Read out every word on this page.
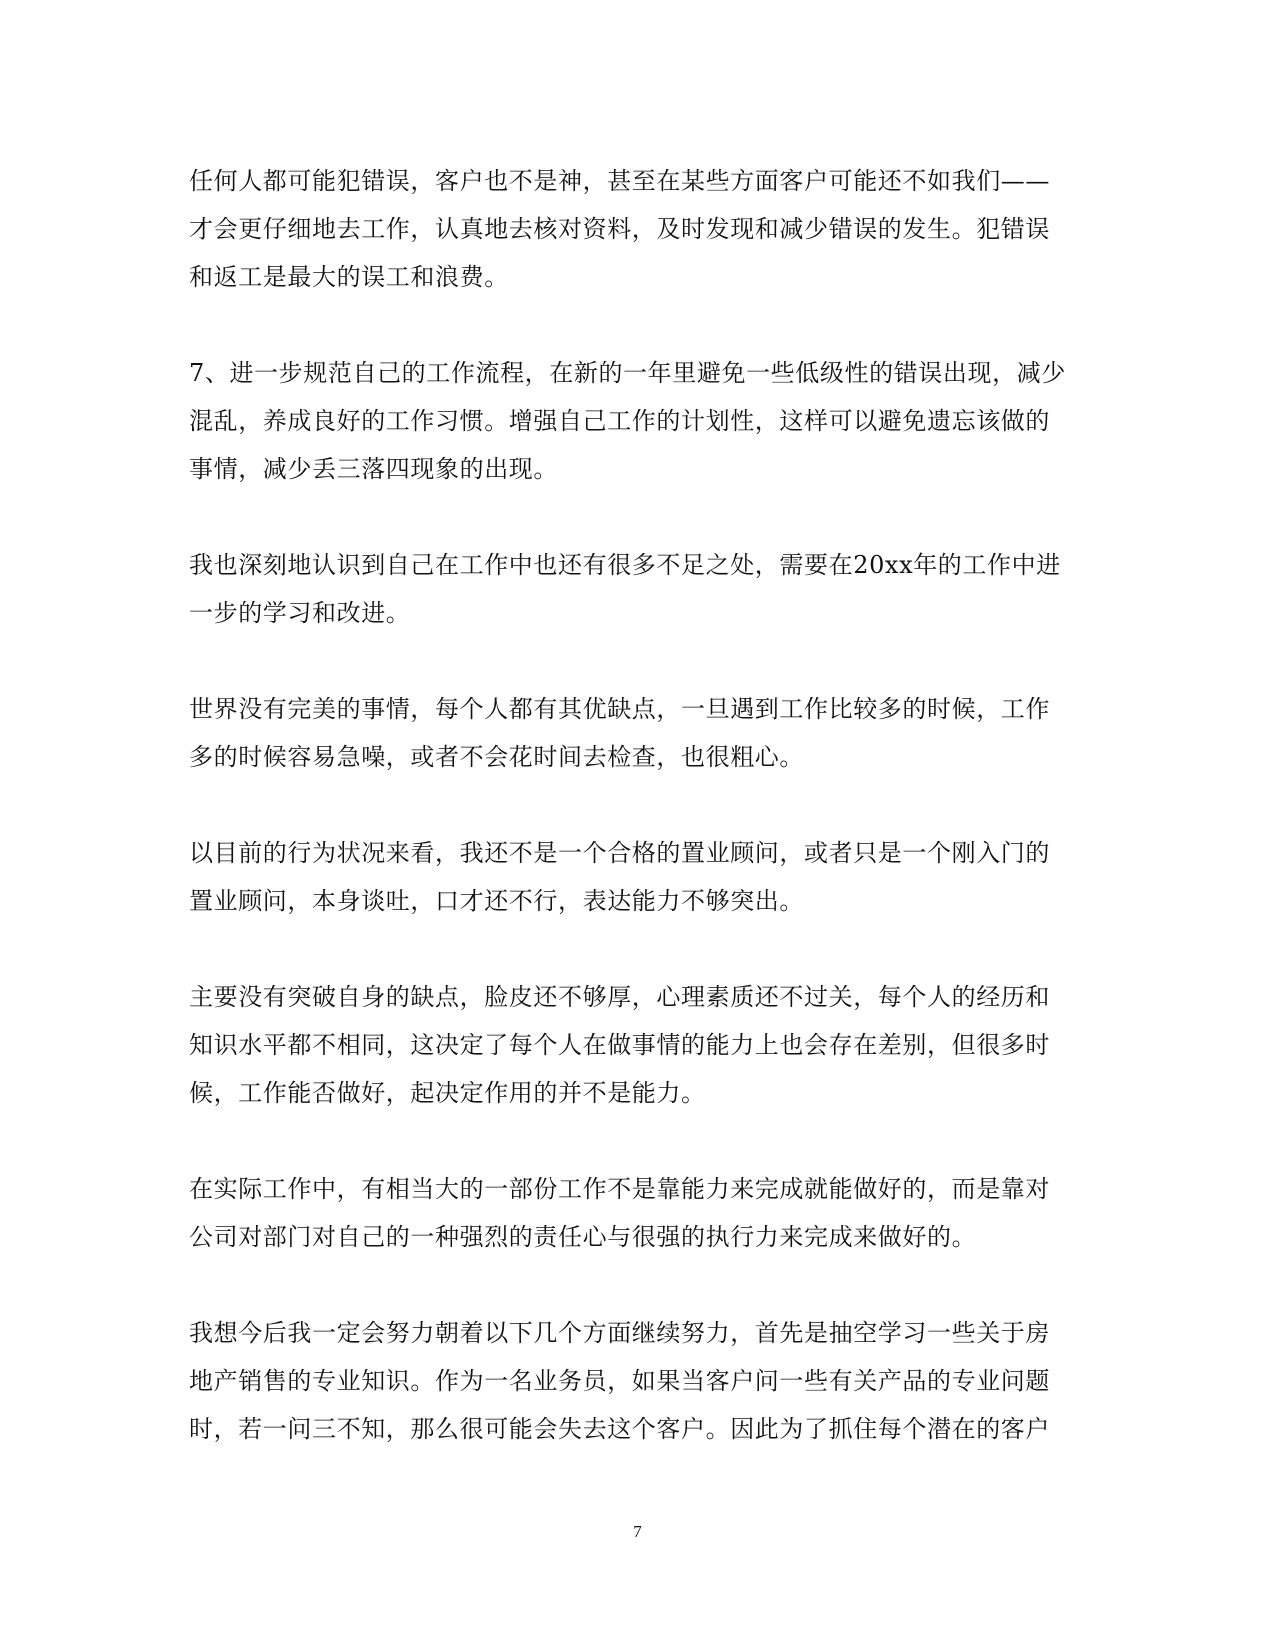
任何人都可能犯错误，客户也不是神，甚至在某些方面客户可能还不如我们——
才会更仔细地去工作，认真地去核对资料，及时发现和减少错误的发生。犯错误
和返工是最大的误工和浪费。

7、进一步规范自己的工作流程，在新的一年里避免一些低级性的错误出现，减少
混乱，养成良好的工作习惯。增强自己工作的计划性，这样可以避免遗忘该做的
事情，减少丢三落四现象的出现。

我也深刻地认识到自己在工作中也还有很多不足之处，需要在20xx年的工作中进
一步的学习和改进。

世界没有完美的事情，每个人都有其优缺点，一旦遇到工作比较多的时候，工作
多的时候容易急噪，或者不会花时间去检查，也很粗心。

以目前的行为状况来看，我还不是一个合格的置业顾问，或者只是一个刚入门的
置业顾问，本身谈吐，口才还不行，表达能力不够突出。

主要没有突破自身的缺点，脸皮还不够厚，心理素质还不过关，每个人的经历和
知识水平都不相同，这决定了每个人在做事情的能力上也会存在差别，但很多时
候，工作能否做好，起决定作用的并不是能力。

在实际工作中，有相当大的一部份工作不是靠能力来完成就能做好的，而是靠对
公司对部门对自己的一种强烈的责任心与很强的执行力来完成来做好的。

我想今后我一定会努力朝着以下几个方面继续努力，首先是抽空学习一些关于房
地产销售的专业知识。作为一名业务员，如果当客户问一些有关产品的专业问题
时，若一问三不知，那么很可能会失去这个客户。因此为了抓住每个潜在的客户

7
